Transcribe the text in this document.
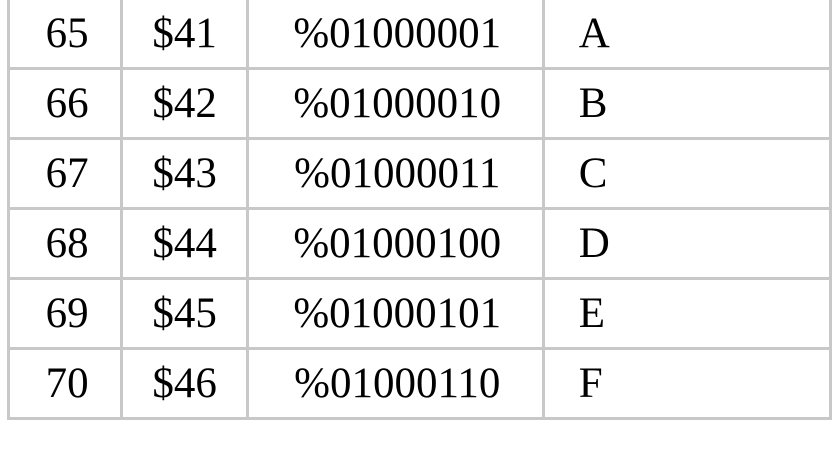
65	$41	%01000001	A
66	$42	%01000010	B
67	$43	%01000011	C
68	$44	%01000100	D
69	$45	%01000101	E
70	$46	%01000110	F
